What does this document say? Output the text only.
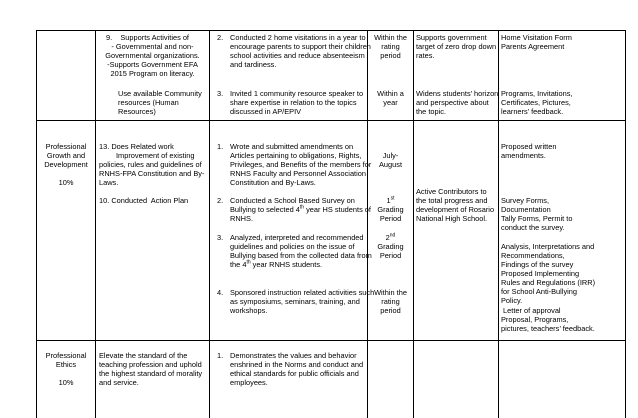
9.    Supports Activities of
- Governmental and non-
Governmental organizations.
-Supports Government EFA
2015 Program on literacy.
Use available Community
resources (Human
Resources)
2. Conducted 2 home visitations in a year to
encourage parents to support their children
school activities and reduce absenteeism
and tardiness.
3. Invited 1 community resource speaker to
share expertise in relation to the topics
discussed in AP/EPIV
Within the
rating
period
Within a
year
Supports government
target of zero drop down
rates.
Widens students’ horizon
and perspective about
the topic.
Home Visitation Form
Parents Agreement
Programs, Invitations,
Certificates, Pictures,
learners’ feedback.
Professional
Growth and
Development
10%
13. Does Related work
Improvement of existing
policies, rules and guidelines of
RNHS-FPA Constitution and By-
Laws.
10. Conducted  Action Plan
1. Wrote and submitted amendments on
Articles pertaining to obligations, Rights,
Privileges, and Benefits of the members for
RNHS Faculty and Personnel Association
Constitution and By-Laws.
2. Conducted a School Based Survey on
Bullying to selected 4th year HS students of
RNHS.
3. Analyzed, interpreted and recommended
guidelines and policies on the issue of
Bullying based from the collected data from
the 4th year RNHS students.
4. Sponsored instruction related activities such
as symposiums, seminars, training, and
workshops.
July-
August
1st
Grading
Period
2nd
Grading
Period
Within the
rating
period
Active Contributors to
the total progress and
development of Rosario
National High School.
Proposed written
amendments.
Survey Forms,
Documentation
Tally Forms, Permit to
conduct the survey.
Analysis, Interpretations and
Recommendations,
Findings of the survey
Proposed Implementing
Rules and Regulations (IRR)
for School Anti-Bullying
Policy.
Letter of approval
Proposal, Programs,
pictures, teachers’ feedback.
Professional
Ethics
10%
Elevate the standard of the
teaching profession and uphold
the highest standard of morality
and service.
1. Demonstrates the values and behavior
enshrined in the Norms and conduct and
ethical standards for public officials and
employees.
